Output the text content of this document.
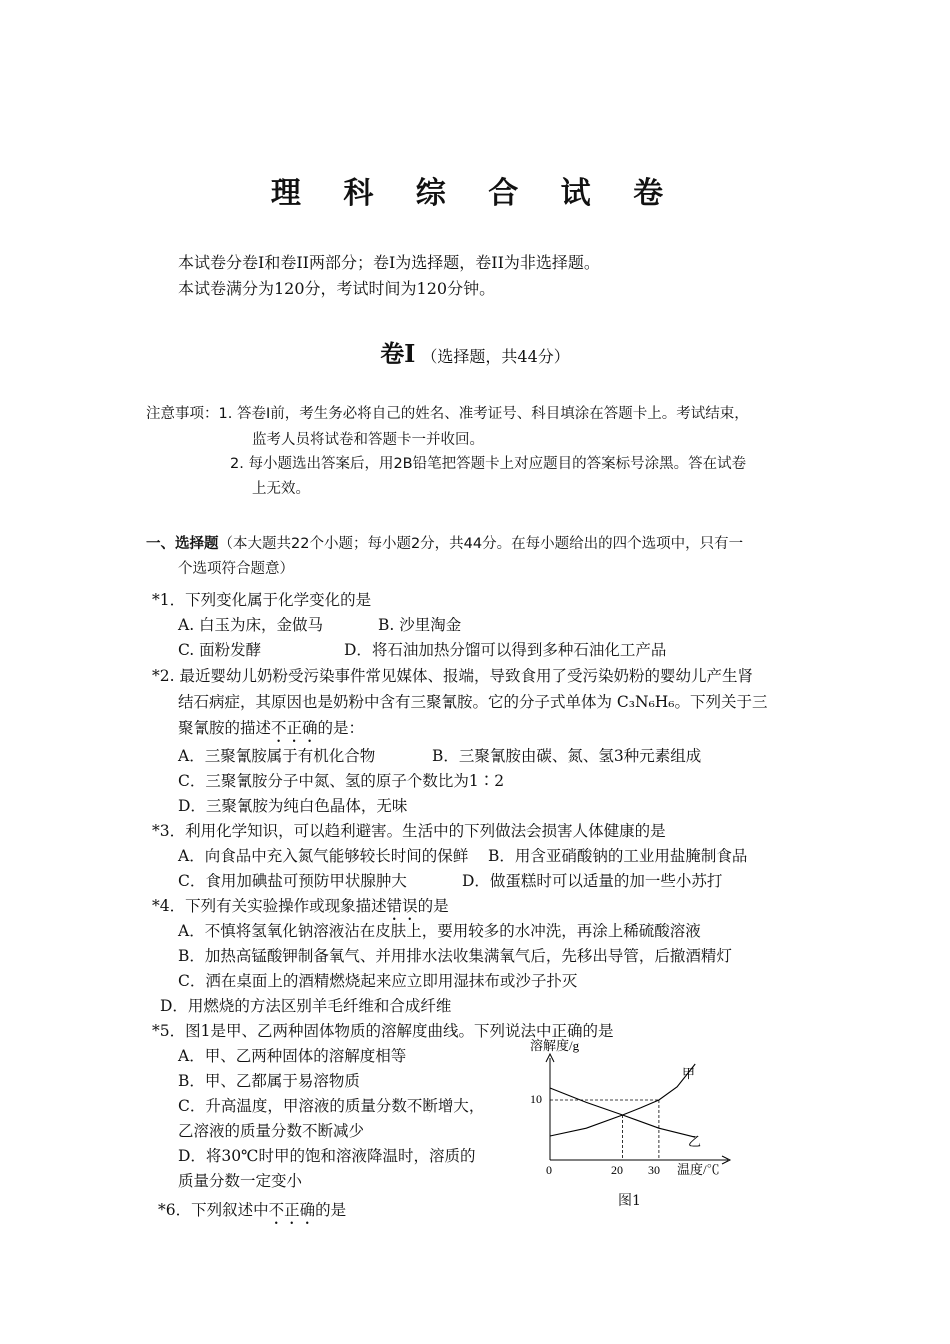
理 科 综 合 试 卷
本试卷分卷I和卷II两部分；卷I为选择题，卷II为非选择题。
本试卷满分为120分，考试时间为120分钟。
卷Ⅰ （选择题，共44分）
注意事项：1. 答卷Ⅰ前，考生务必将自己的姓名、准考证号、科目填涂在答题卡上。考试结束，
监考人员将试卷和答题卡一并收回。
2. 每小题选出答案后，用2B铅笔把答题卡上对应题目的答案标号涂黑。答在试卷
上无效。
一、选择题（本大题共22个小题；每小题2分，共44分。在每小题给出的四个选项中，只有一
个选项符合题意）
*1．下列变化属于化学变化的是
A. 白玉为床，金做马	B. 沙里淘金
C. 面粉发酵	D．将石油加热分馏可以得到多种石油化工产品
*2. 最近婴幼儿奶粉受污染事件常见媒体、报端，导致食用了受污染奶粉的婴幼儿产生肾
结石病症，其原因也是奶粉中含有三聚氰胺。它的分子式单体为 C₃N₆H₆。下列关于三
聚氰胺的描述不正确的是：
A．三聚氰胺属于有机化合物	B．三聚氰胺由碳、氮、氢3种元素组成
C．三聚氰胺分子中氮、氢的原子个数比为1∶2
D．三聚氰胺为纯白色晶体，无味
*3．利用化学知识，可以趋利避害。生活中的下列做法会损害人体健康的是
A．向食品中充入氮气能够较长时间的保鲜 B．用含亚硝酸钠的工业用盐腌制食品
C．食用加碘盐可预防甲状腺肿大	D．做蛋糕时可以适量的加一些小苏打
*4．下列有关实验操作或现象描述错误的是
A．不慎将氢氧化钠溶液沾在皮肤上，要用较多的水冲洗，再涂上稀硫酸溶液
B．加热高锰酸钾制备氧气、并用排水法收集满氧气后，先移出导管，后撤酒精灯
C．洒在桌面上的酒精燃烧起来应立即用湿抹布或沙子扑灭
D．用燃烧的方法区别羊毛纤维和合成纤维
*5．图1是甲、乙两种固体物质的溶解度曲线。下列说法中正确的是
A．甲、乙两种固体的溶解度相等
B．甲、乙都属于易溶物质
C．升高温度，甲溶液的质量分数不断增大，
乙溶液的质量分数不断减少
D．将30℃时甲的饱和溶液降温时，溶质的
质量分数一定变小
*6．下列叙述中不正确的是
溶解度/g
0
10
20 30 温度/℃
甲
乙
图1
